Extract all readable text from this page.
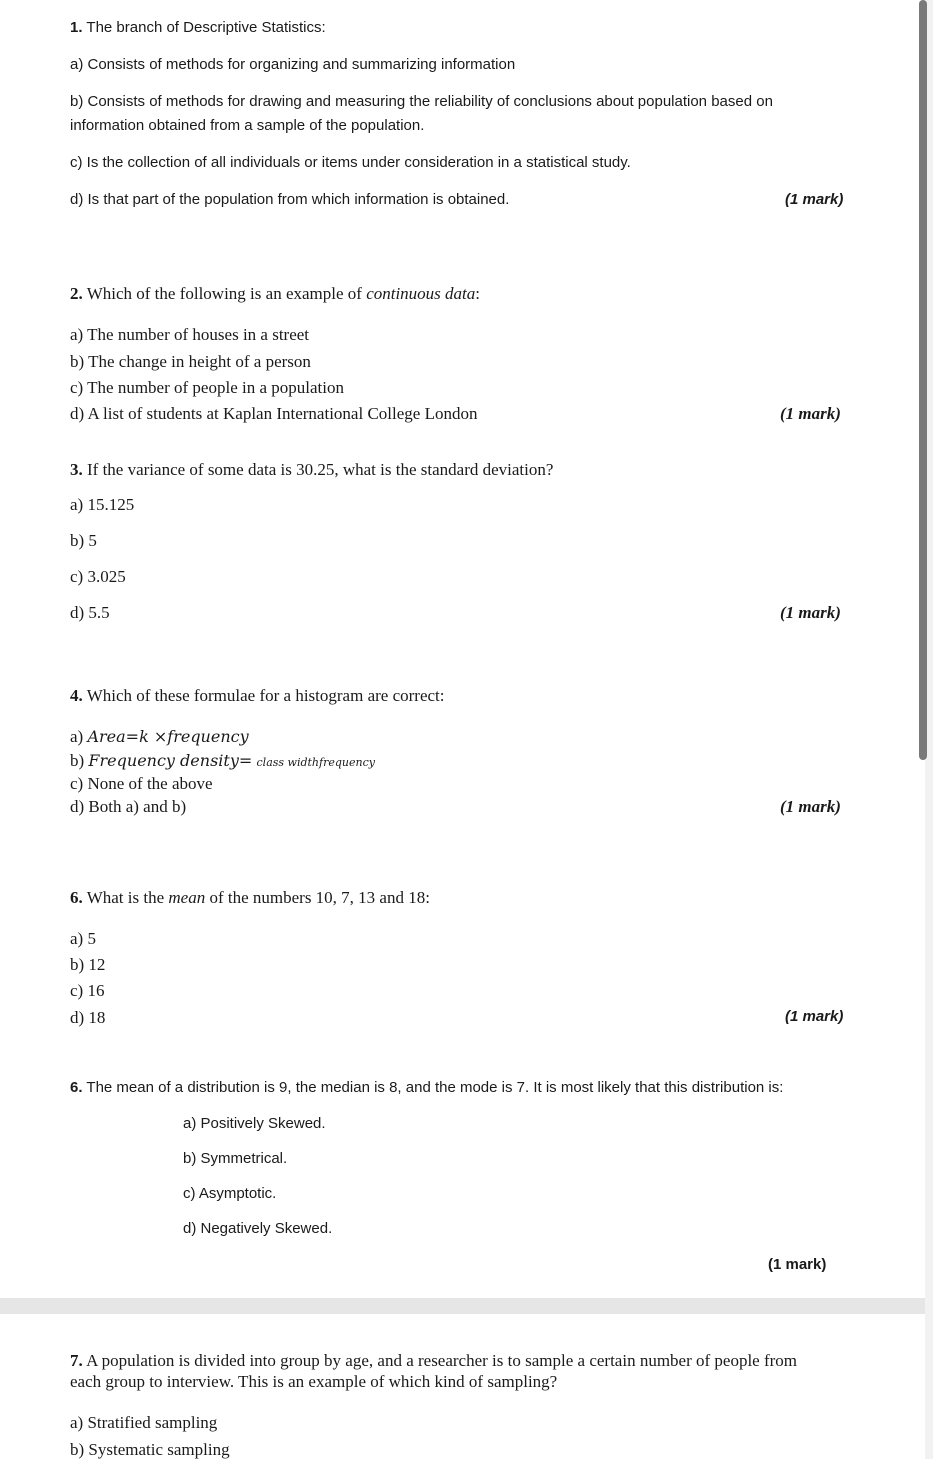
1. The branch of Descriptive Statistics:
a) Consists of methods for organizing and summarizing information
b) Consists of methods for drawing and measuring the reliability of conclusions about population based on
information obtained from a sample of the population.
c) Is the collection of all individuals or items under consideration in a statistical study.
d) Is that part of the population from which information is obtained.	(1 mark)
2. Which of the following is an example of continuous data:
a) The number of houses in a street
b) The change in height of a person
c) The number of people in a population
d) A list of students at Kaplan International College London	(1 mark)
3. If the variance of some data is 30.25, what is the standard deviation?
a) 15.125
b) 5
c) 3.025
d) 5.5	(1 mark)
4. Which of these formulae for a histogram are correct:
a) Area=k ×frequency
b) Frequency density= class widthfrequency
c) None of the above
d) Both a) and b)	(1 mark)
6. What is the mean of the numbers 10, 7, 13 and 18:
a) 5
b) 12
c) 16
d) 18	(1 mark)
6. The mean of a distribution is 9, the median is 8, and the mode is 7. It is most likely that this distribution is:
a) Positively Skewed.
b) Symmetrical.
c) Asymptotic.
d) Negatively Skewed.
(1 mark)
7. A population is divided into group by age, and a researcher is to sample a certain number of people from
each group to interview. This is an example of which kind of sampling?
a) Stratified sampling
b) Systematic sampling
